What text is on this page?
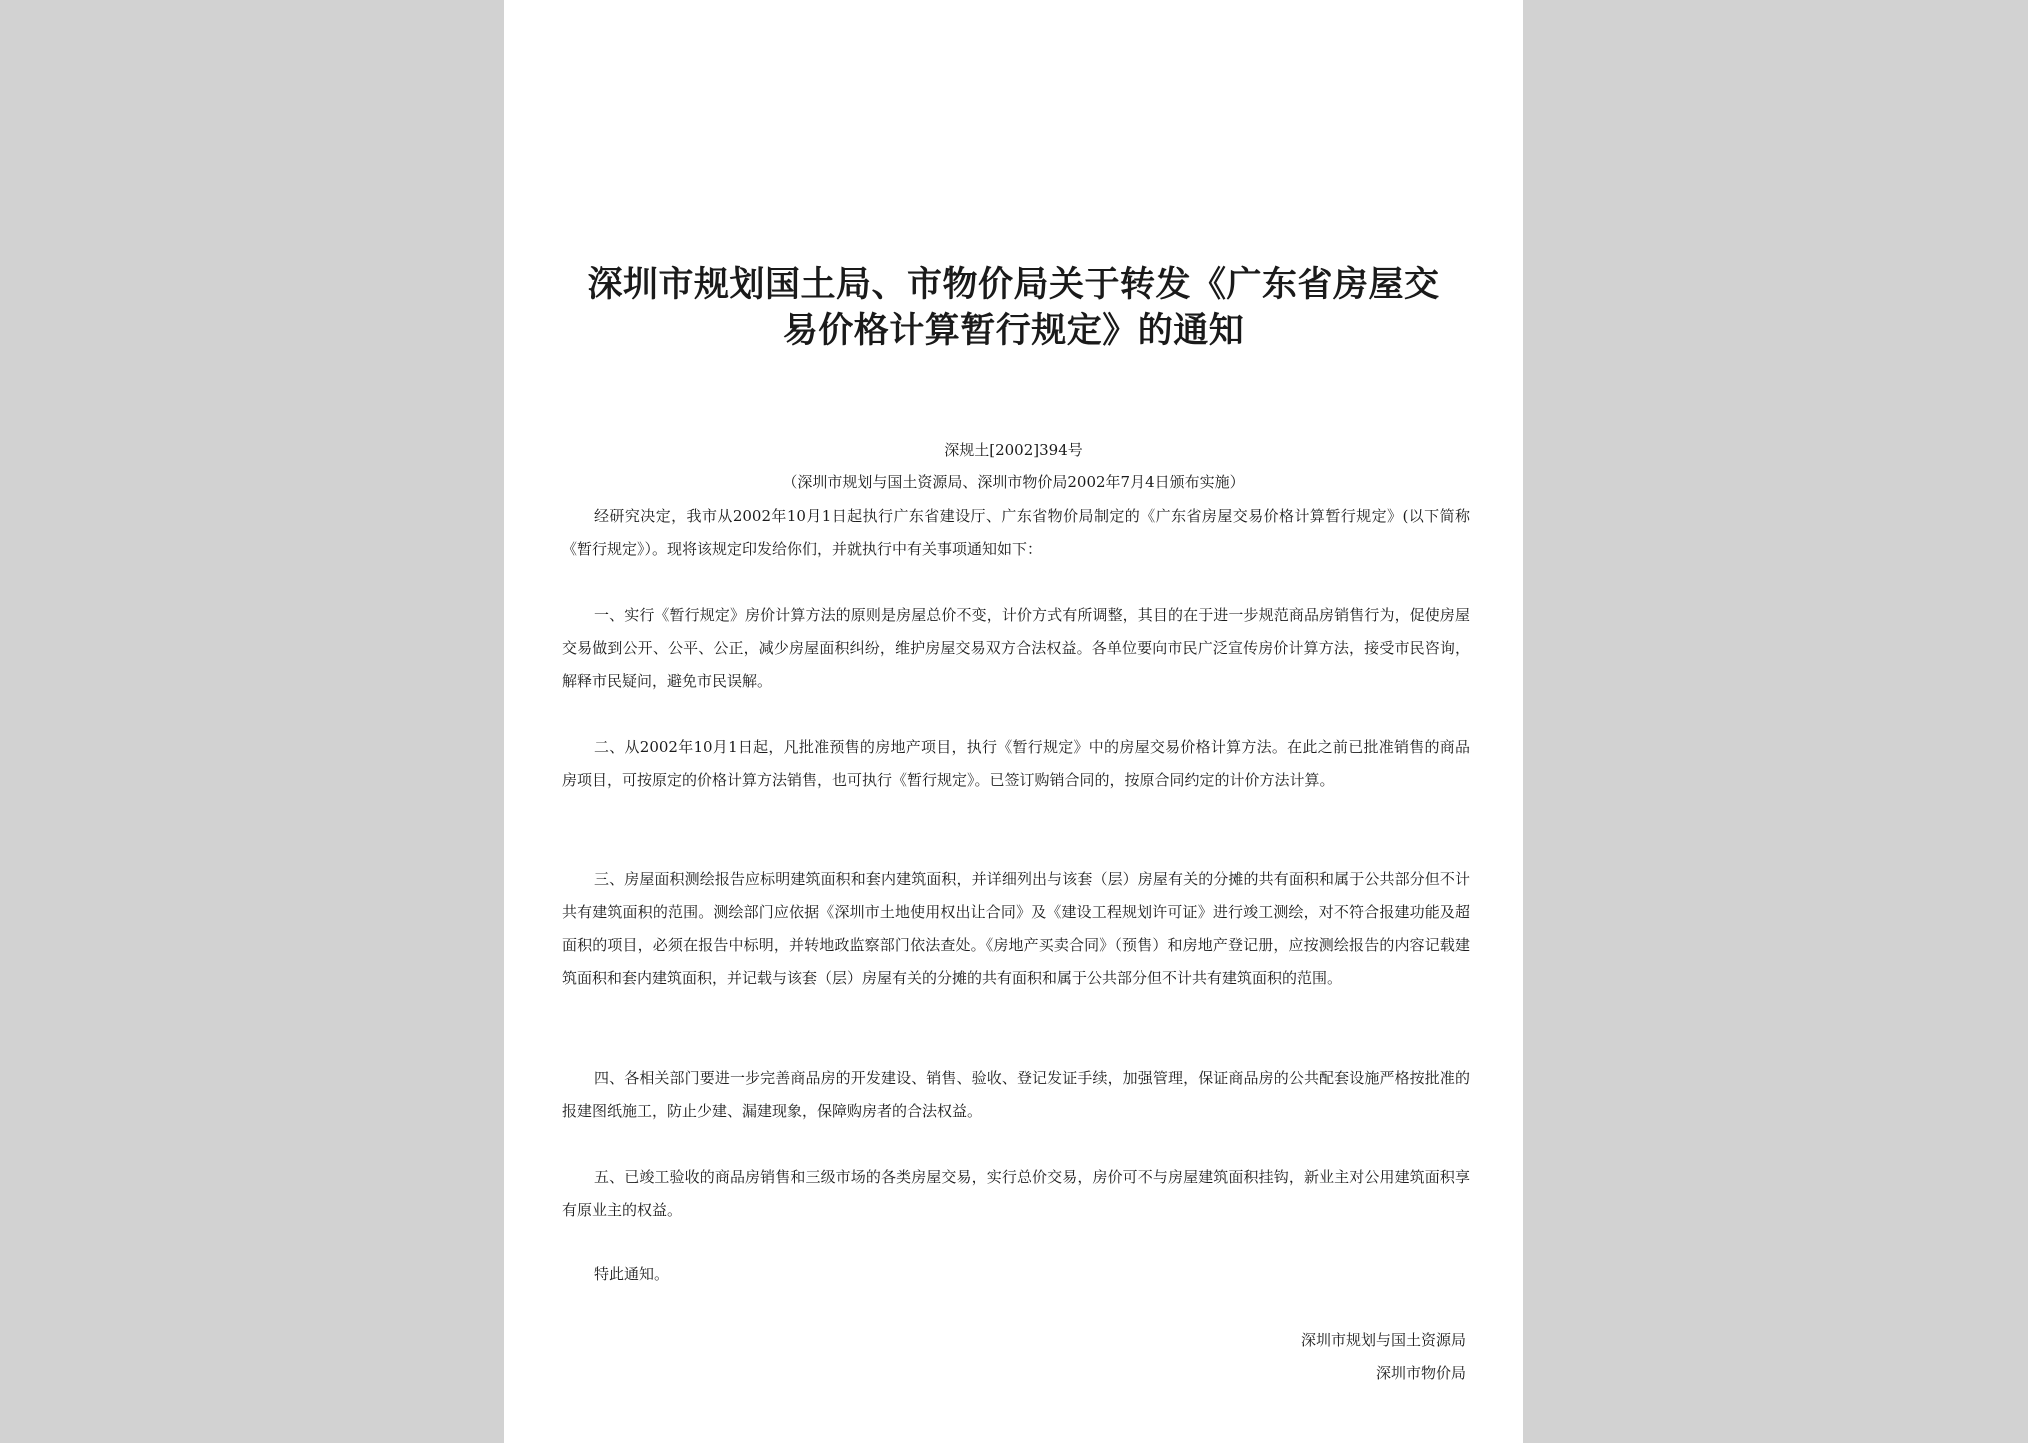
深圳市规划国土局、市物价局关于转发《广东省房屋交
易价格计算暂行规定》的通知
深规土[2002]394号
（深圳市规划与国土资源局、深圳市物价局2002年7月4日颁布实施）

经研究决定，我市从2002年10月1日起执行广东省建设厅、广东省物价局制定的《广东省房屋交易价格计算暂行规定》(以下简称《暂行规定》）。现将该规定印发给你们，并就执行中有关事项通知如下：

一、实行《暂行规定》房价计算方法的原则是房屋总价不变，计价方式有所调整，其目的在于进一步规范商品房销售行为，促使房屋交易做到公开、公平、公正，减少房屋面积纠纷，维护房屋交易双方合法权益。各单位要向市民广泛宣传房价计算方法，接受市民咨询，解释市民疑问，避免市民误解。

二、从2002年10月1日起，凡批准预售的房地产项目，执行《暂行规定》中的房屋交易价格计算方法。在此之前已批准销售的商品房项目，可按原定的价格计算方法销售，也可执行《暂行规定》。已签订购销合同的，按原合同约定的计价方法计算。

三、房屋面积测绘报告应标明建筑面积和套内建筑面积，并详细列出与该套（层）房屋有关的分摊的共有面积和属于公共部分但不计共有建筑面积的范围。测绘部门应依据《深圳市土地使用权出让合同》及《建设工程规划许可证》进行竣工测绘，对不符合报建功能及超面积的项目，必须在报告中标明，并转地政监察部门依法查处。《房地产买卖合同》（预售）和房地产登记册，应按测绘报告的内容记载建筑面积和套内建筑面积，并记载与该套（层）房屋有关的分摊的共有面积和属于公共部分但不计共有建筑面积的范围。

四、各相关部门要进一步完善商品房的开发建设、销售、验收、登记发证手续，加强管理，保证商品房的公共配套设施严格按批准的报建图纸施工，防止少建、漏建现象，保障购房者的合法权益。

五、已竣工验收的商品房销售和三级市场的各类房屋交易，实行总价交易，房价可不与房屋建筑面积挂钩，新业主对公用建筑面积享有原业主的权益。

特此通知。

深圳市规划与国土资源局
深圳市物价局
